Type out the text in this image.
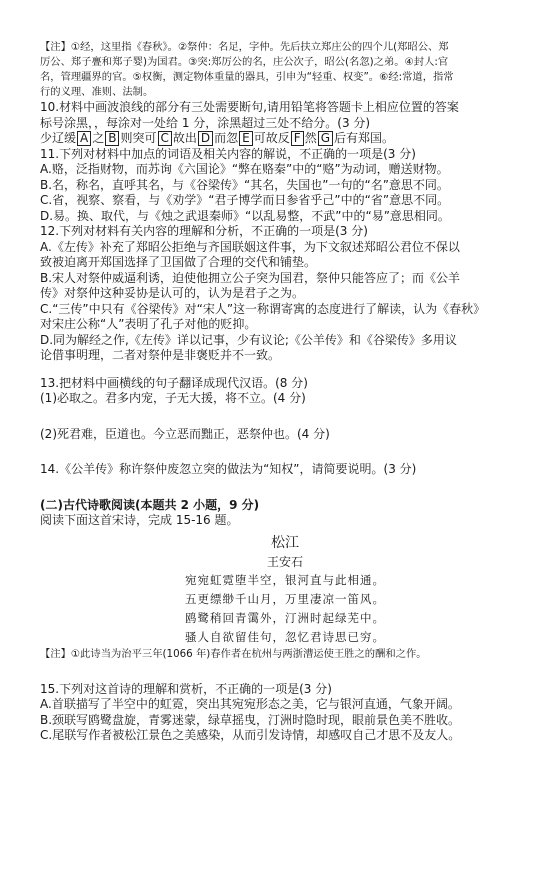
【注】①经，这里指《春秋》。②祭仲：名足，字仲。先后扶立郑庄公的四个儿(郑昭公、郑
厉公、郑子亹和郑子婴)为国君。③突:郑厉公的名，庄公次子，昭公(名忽)之弟。④封人:官
名，管理疆界的官。⑤权衡，测定物体重量的器具，引申为“轻重、权变”。⑥经:常道，指常
行的义理、准则、法制。
10.材料中画波浪线的部分有三处需要断句,请用铅笔将答题卡上相应位置的答案
标号涂黑，，每涂对一处给 1 分，涂黑超过三处不给分。(3 分)
少辽缓 A 之 B 则突可 C 故出 D 而忽 E 可故反 F 然 G 后有郑国。
11.下列对材料中加点的词语及相关内容的解说，不正确的一项是(3 分)
A.赂，泛指财物，而苏询《六国论》“弊在赂秦”中的“赂”为动词，赠送财物。
B.名，称名，直呼其名，与《谷梁传》“其名，失国也”一句的“名”意思不同。
C.省，视察、察看，与《劝学》“君子博学而日参省乎己”中的“省”意思不同。
D.易。换、取代，与《烛之武退秦师》“以乱易整，不武”中的“易”意思相同。
12.下列对材料有关内容的理解和分析，不正确的一项是(3 分)
A.《左传》补充了郑昭公拒绝与齐国联姻这件事，为下文叙述郑昭公君位不保以
致被迫离开郑国选择了卫国做了合理的交代和铺垫。
B.宋人对祭仲威逼利诱，迫使他拥立公子突为国君，祭仲只能答应了；而《公羊
传》对祭仲这种妥协是认可的，认为是君子之为。
C.“三传”中只有《谷梁传》对“宋人”这一称谓寄寓的态度进行了解读，认为《春秋》
对宋庄公称“人”表明了孔子对他的贬抑。
D.同为解经之作,《左传》详以记事，少有议论;《公羊传》和《谷梁传》多用议
论借事明理，二者对祭仲是非褒贬并不一致。
13.把材料中画横线的句子翻译成现代汉语。(8 分)
(1)必取之。君多内宠，子无大援，将不立。(4 分)
(2)死君难，臣道也。今立恶而黜正，恶祭仲也。(4 分)
14.《公羊传》称许祭仲废忽立突的做法为“知权”，请简要说明。(3 分)
(二)古代诗歌阅读(本题共 2 小题，9 分)
阅读下面这首宋诗，完成 15-16 题。
松江
王安石
宛宛虹霓堕半空，银河直与此相通。
五更缥缈千山月，万里凄凉一笛风。
鸥鹭稍回青霭外，汀洲时起绿芜中。
骚人自欲留佳句，忽忆君诗思已穷。
【注】①此诗当为治平三年(1066 年)春作者在杭州与两浙漕运使王胜之的酬和之作。
15.下列对这首诗的理解和赏析，不正确的一项是(3 分)
A.首联描写了半空中的虹霓，突出其宛宛形态之美，它与银河直通，气象开阔。
B.颈联写鸥鹭盘旋，青雾迷蒙，绿草摇曳，汀洲时隐时现，眼前景色美不胜收。
C.尾联写作者被松江景色之美感染，从而引发诗情，却感叹自己才思不及友人。
